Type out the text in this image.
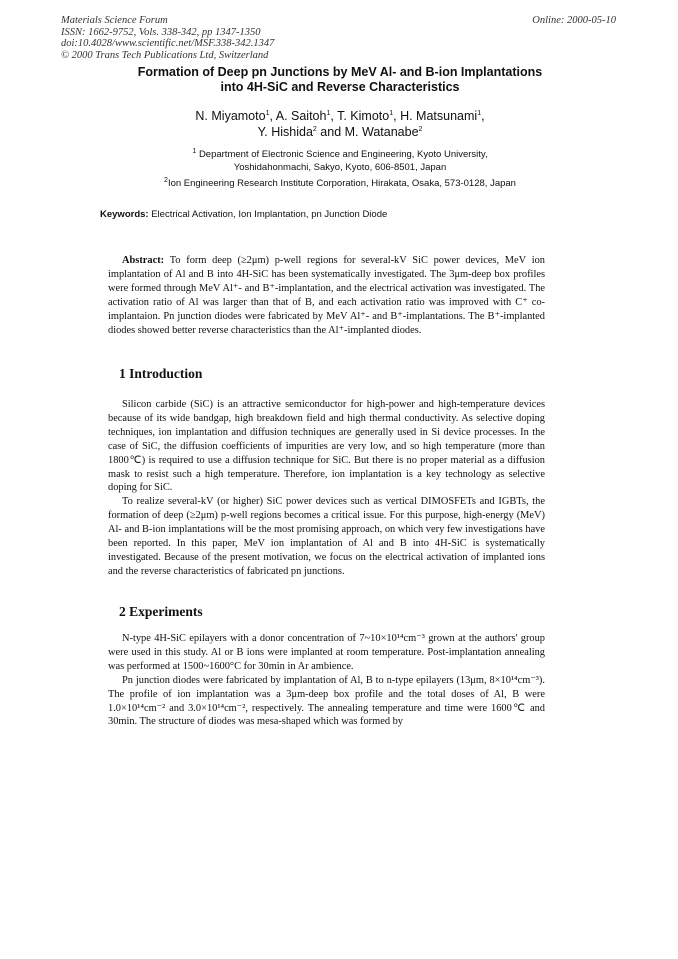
Materials Science Forum
ISSN: 1662-9752, Vols. 338-342, pp 1347-1350
doi:10.4028/www.scientific.net/MSF.338-342.1347
© 2000 Trans Tech Publications Ltd, Switzerland
Online: 2000-05-10
Formation of Deep pn Junctions by MeV Al- and B-ion Implantations
into 4H-SiC and Reverse Characteristics
N. Miyamoto$^1$, A. Saitoh$^1$, T. Kimoto$^1$, H. Matsunami$^1$,
Y. Hishida$^2$ and M. Watanabe$^2$
$^1$ Department of Electronic Science and Engineering, Kyoto University,
Yoshidahonmachi, Sakyo, Kyoto, 606-8501, Japan
$^2$Ion Engineering Research Institute Corporation, Hirakata, Osaka, 573-0128, Japan
Keywords: Electrical Activation, Ion Implantation, pn Junction Diode

Abstract: To form deep (≥2μm) p-well regions for several-kV SiC power devices, MeV ion implantation of Al and B into 4H-SiC has been systematically investigated. The 3μm-deep box profiles were formed through MeV Al⁺- and B⁺-implantation, and the electrical activation was investigated. The activation ratio of Al was larger than that of B, and each activation ratio was improved with C⁺ co-implantaion. Pn junction diodes were fabricated by MeV Al⁺- and B⁺-implantations. The B⁺-implanted diodes showed better reverse characteristics than the Al⁺-implanted diodes.

1 Introduction

Silicon carbide (SiC) is an attractive semiconductor for high-power and high-temperature devices because of its wide bandgap, high breakdown field and high thermal conductivity. As selective doping techniques, ion implantation and diffusion techniques are generally used in Si device processes. In the case of SiC, the diffusion coefficients of impurities are very low, and so high temperature (more than 1800℃) is required to use a diffusion technique for SiC. But there is no proper material as a diffusion mask to resist such a high temperature. Therefore, ion implantation is a key technology as selective doping for SiC.

To realize several-kV (or higher) SiC power devices such as vertical DIMOSFETs and IGBTs, the formation of deep (≥2μm) p-well regions becomes a critical issue. For this purpose, high-energy (MeV) Al- and B-ion implantations will be the most promising approach, on which very few investigations have been reported. In this paper, MeV ion implantation of Al and B into 4H-SiC is systematically investigated. Because of the present motivation, we focus on the electrical activation of implanted ions and the reverse characteristics of fabricated pn junctions.

2 Experiments

N-type 4H-SiC epilayers with a donor concentration of 7~10×10¹⁴cm⁻³ grown at the authors' group were used in this study. Al or B ions were implanted at room temperature. Post-implantation annealing was performed at 1500~1600°C for 30min in Ar ambience.

Pn junction diodes were fabricated by implantation of Al, B to n-type epilayers (13μm, 8×10¹⁴cm⁻³). The profile of ion implantation was a 3μm-deep box profile and the total doses of Al, B were 1.0×10¹⁴cm⁻² and 3.0×10¹⁴cm⁻², respectively. The annealing temperature and time were 1600℃ and 30min. The structure of diodes was mesa-shaped which was formed by
